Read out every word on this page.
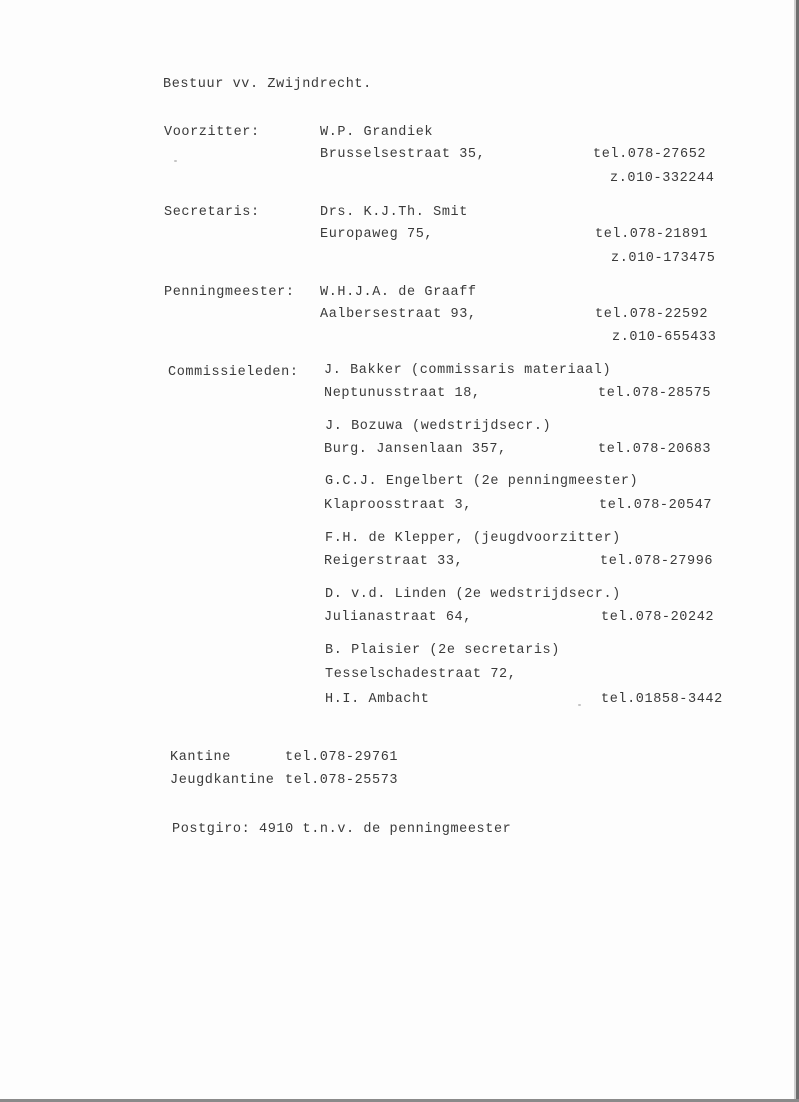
Bestuur vv. Zwijndrecht.

Voorzitter:	W.P. Grandiek

Brusselsestraat 35,	tel.078-27652

z.010-332244

Secretaris:	Drs. K.J.Th. Smit

Europaweg 75,	tel.078-21891

z.010-173475

Penningmeester: W.H.J.A. de Graaff

Aalbersestraat 93,	tel.078-22592

z.010-655433

Commissieleden: J. Bakker (commissaris materiaal)

Neptunusstraat 18,	tel.078-28575

J. Bozuwa (wedstrijdsecr.)

Burg. Jansenlaan 357,	tel.078-20683

G.C.J. Engelbert (2e penningmeester)

Klaproosstraat 3,	tel.078-20547

F.H. de Klepper, (jeugdvoorzitter)

Reigerstraat 33,	tel.078-27996

D. v.d. Linden (2e wedstrijdsecr.)

Julianastraat 64,	tel.078-20242

B. Plaisier (2e secretaris)

Tesselschadestraat 72,

H.I. Ambacht	tel.01858-3442

Kantine	tel.078-29761

Jeugdkantine tel.078-25573

Postgiro: 4910 t.n.v. de penningmeester
